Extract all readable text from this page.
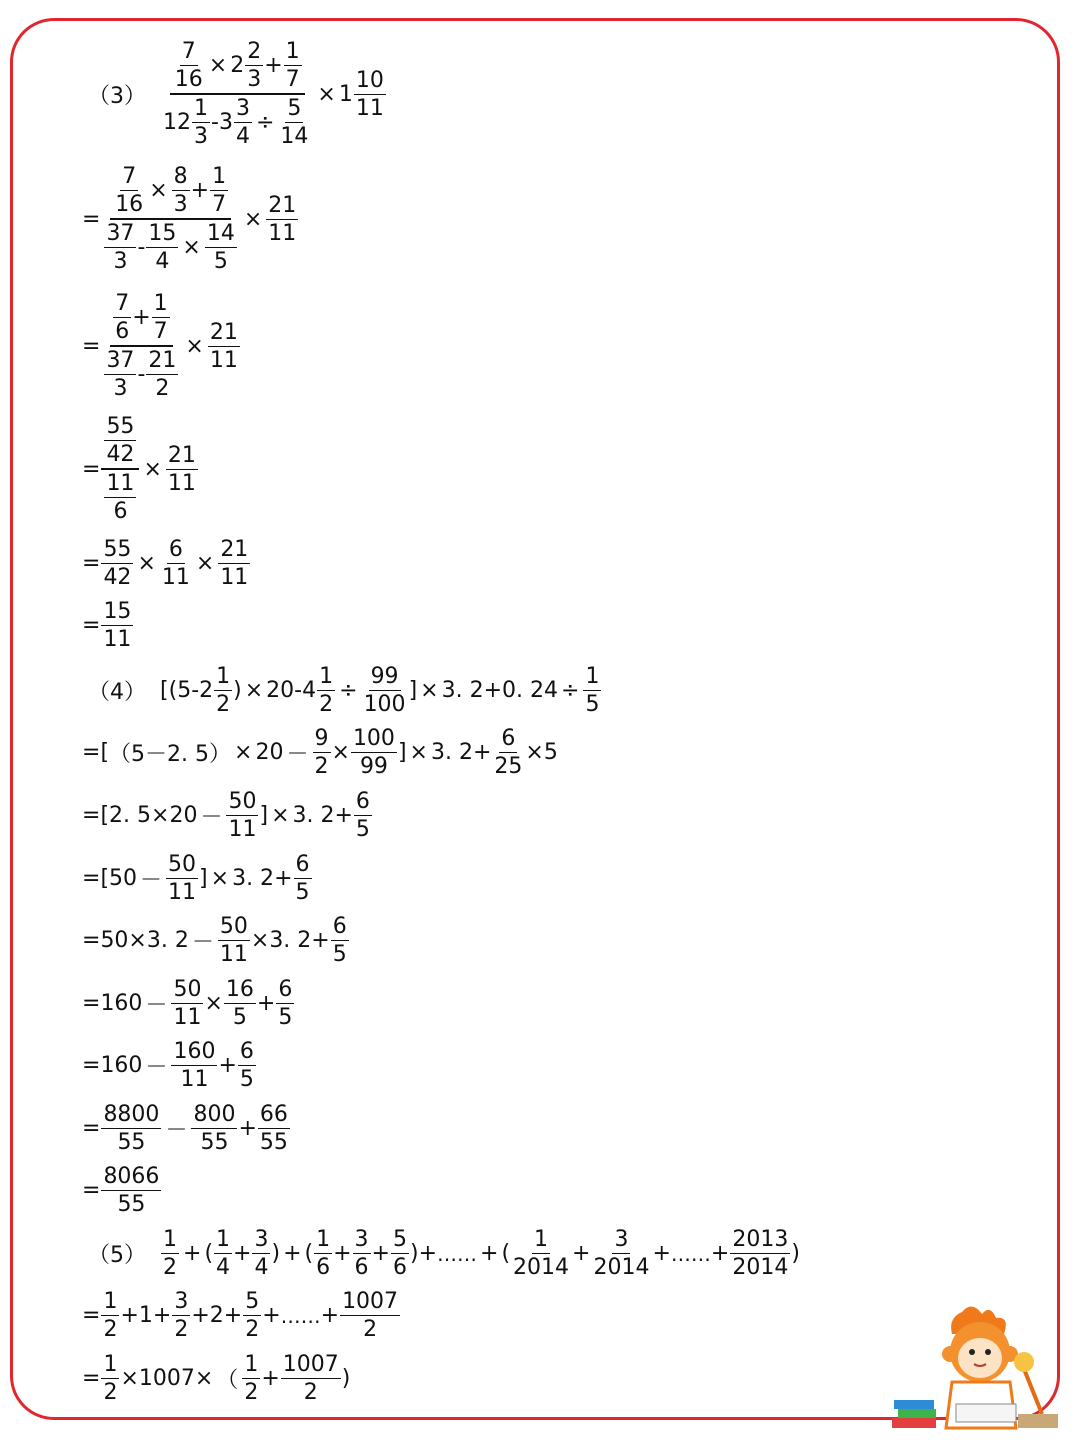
$(3) \frac{\frac{7}{16} \times 2 \frac{2}{3} + \frac{1}{7}}{12 \frac{1}{3} - 3 \frac{3}{4} \div \frac{5}{14}} \times 1 \frac{10}{11}$
= $\frac{\frac{7}{16} \times \frac{8}{3} + \frac{1}{7}}{\frac{37}{3} - \frac{15}{4} \times \frac{14}{5}} \times \frac{21}{11}$
= $\frac{\frac{7}{6} + \frac{1}{7}}{\frac{37}{3} - \frac{21}{2}} \times \frac{21}{11}$
= $\frac{\frac{55}{42}}{\frac{11}{6}} \times \frac{21}{11}$
= $\frac{55}{42} \times \frac{6}{11} \times \frac{21}{11}$
= $\frac{15}{11}$
（4） [ ( $5 - 2 \frac{1}{2}$ ) × $20 - 4 \frac{1}{2} \div \frac{99}{100}$ ] × 3. 2 + 0. $24 \div \frac{1}{5}$
= [ （ 5－2. 5 ） × $20 - \frac{9}{2} \times \frac{100}{99}$ ] × 3. $2 + \frac{6}{25} \times 5$
= [ 2. $5\times 20 - \frac{50}{11}$ ] × 3. $2 + \frac{6}{5}$
= [ $50 - \frac{50}{11}$ ] × 3. $2 + \frac{6}{5}$
= 50×3. $2 - \frac{50}{11} \times 3$. $2 + \frac{6}{5}$
= $160 - \frac{50}{11} \times \frac{16}{5} + \frac{6}{5}$
= $160 - \frac{160}{11} + \frac{6}{5}$
= $\frac{8800}{55} - \frac{800}{55} + \frac{66}{55}$
= $\frac{8066}{55}$
$(5) \frac{1}{2}$ + ( $\frac{1}{4} + \frac{3}{4}$ ) + ( $\frac{1}{6} + \frac{3}{6} + \frac{5}{6}$ ) + …… + ( $\frac{1}{2014} + \frac{3}{2014}$ + …… + $\frac{2013}{2014}$ )
= $\frac{1}{2} + 1 + \frac{3}{2} + 2 + \frac{5}{2}$ + …… + $\frac{1007}{2}$
= $\frac{1}{2} \times 1007\times$ （ $\frac{1}{2} + \frac{1007}{2}$ )
